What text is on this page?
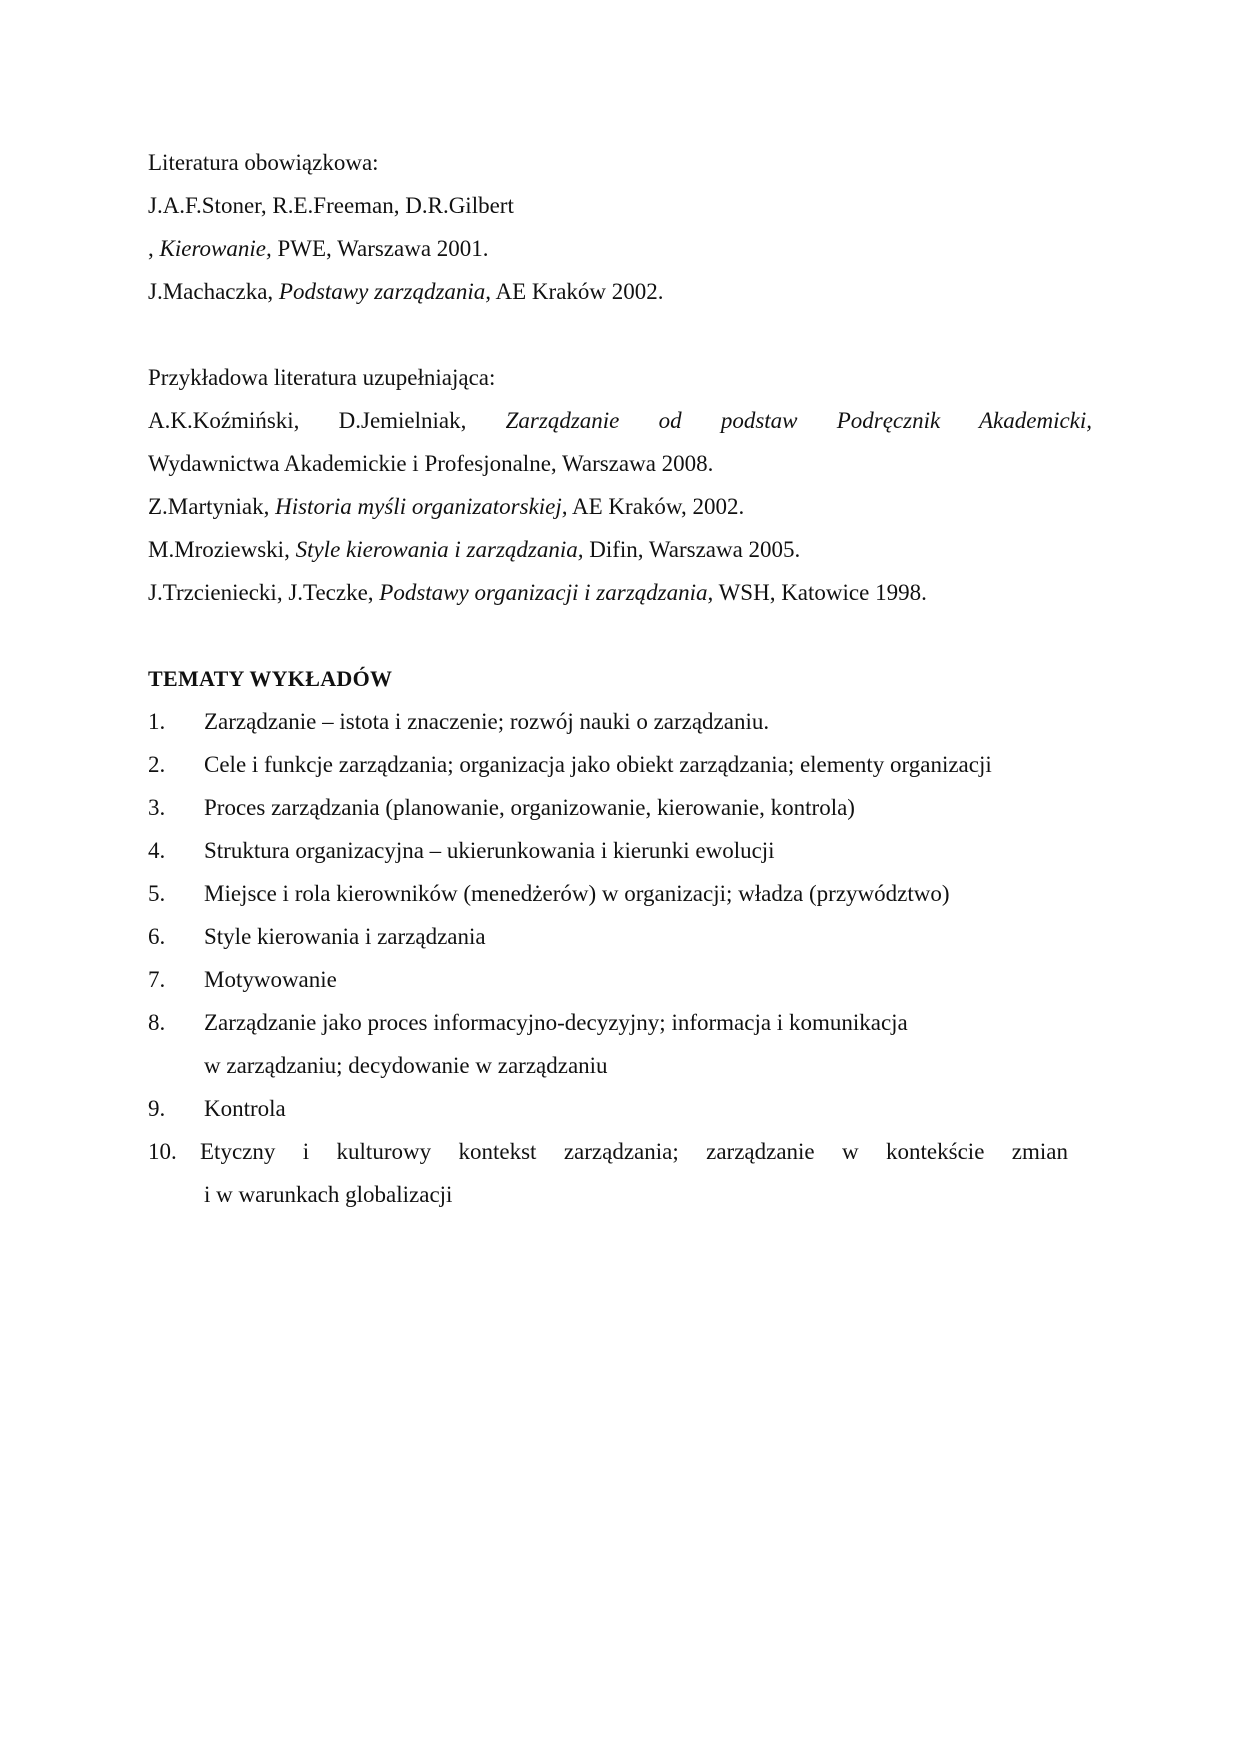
Literatura obowiązkowa:
J.A.F.Stoner, R.E.Freeman, D.R.Gilbert
, Kierowanie, PWE, Warszawa 2001.
J.Machaczka, Podstawy zarządzania, AE Kraków 2002.
Przykładowa literatura uzupełniająca:
A.K.Koźmiński, D.Jemielniak, Zarządzanie od podstaw Podręcznik Akademicki,
Wydawnictwa Akademickie i Profesjonalne, Warszawa 2008.
Z.Martyniak, Historia myśli organizatorskiej, AE Kraków, 2002.
M.Mroziewski, Style kierowania i zarządzania, Difin, Warszawa 2005.
J.Trzcieniecki, J.Teczke, Podstawy organizacji i zarządzania, WSH, Katowice 1998.
TEMATY WYKŁADÓW
1. Zarządzanie – istota i znaczenie; rozwój nauki o zarządzaniu.
2. Cele i funkcje zarządzania; organizacja jako obiekt zarządzania; elementy organizacji
3. Proces zarządzania (planowanie, organizowanie, kierowanie, kontrola)
4. Struktura organizacyjna – ukierunkowania i kierunki ewolucji
5. Miejsce i rola kierowników (menedżerów) w organizacji; władza (przywództwo)
6. Style kierowania i zarządzania
7. Motywowanie
8. Zarządzanie jako proces informacyjno-decyzyjny; informacja i komunikacja
w zarządzaniu; decydowanie w zarządzaniu
9. Kontrola
10. Etyczny i kulturowy kontekst zarządzania; zarządzanie w kontekście zmian
i w warunkach globalizacji
